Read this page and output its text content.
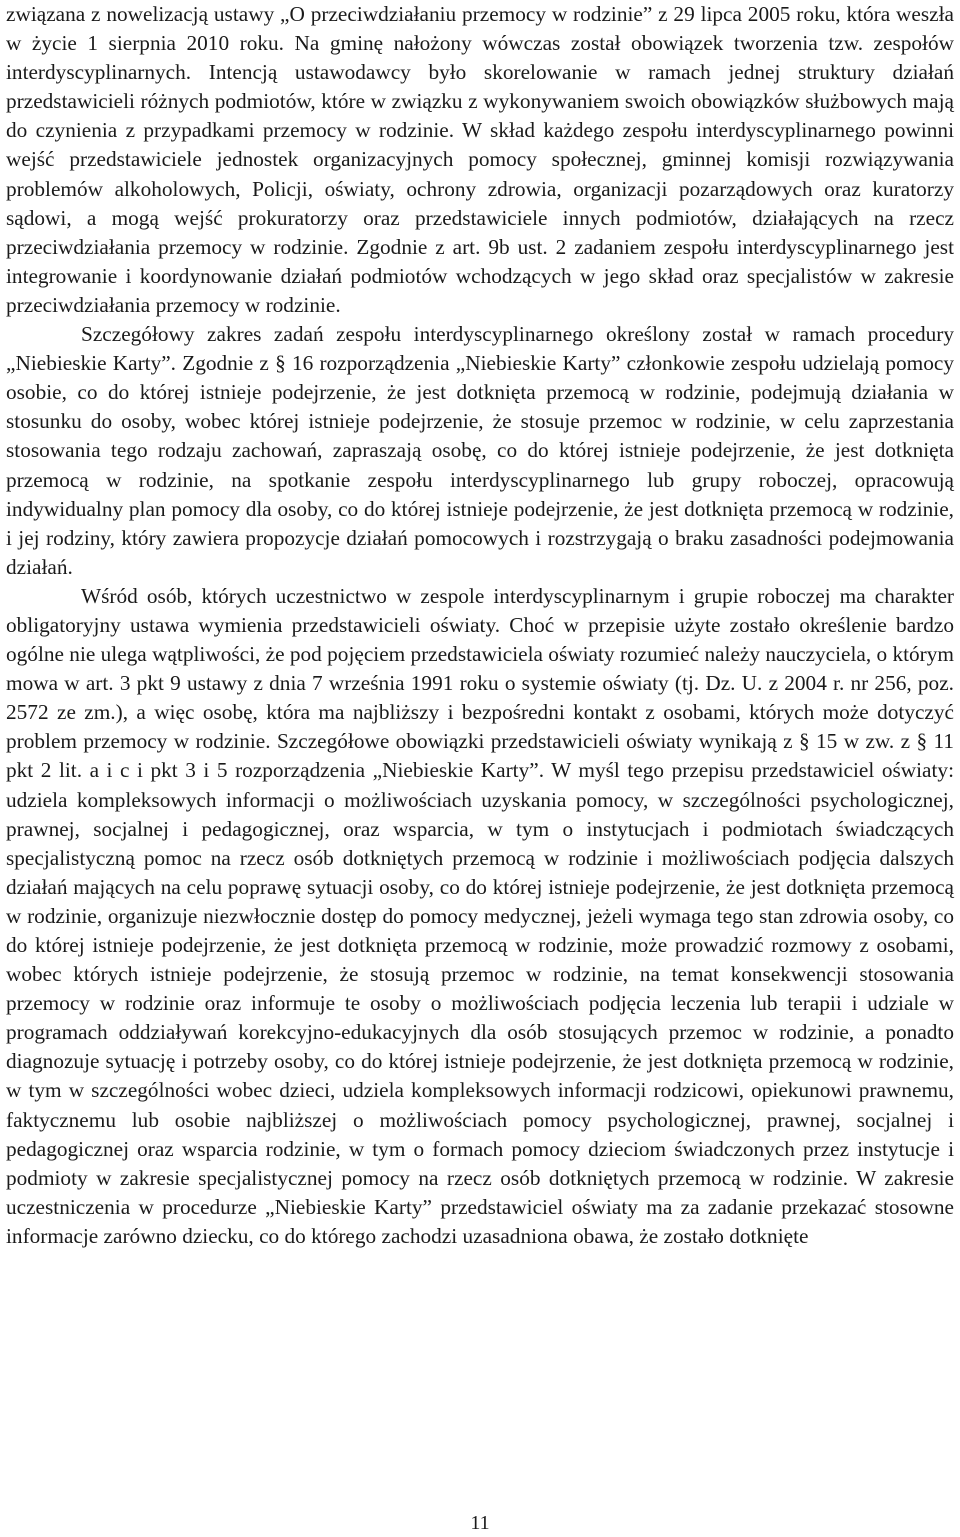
związana z nowelizacją ustawy „O przeciwdziałaniu przemocy w rodzinie” z 29 lipca 2005 roku, która weszła w życie 1 sierpnia 2010 roku. Na gminę nałożony wówczas został obowiązek tworzenia tzw. zespołów interdyscyplinarnych. Intencją ustawodawcy było skorelowanie w ramach jednej struktury działań przedstawicieli różnych podmiotów, które w związku z wykonywaniem swoich obowiązków służbowych mają do czynienia z przypadkami przemocy w rodzinie. W skład każdego zespołu interdyscyplinarnego powinni wejść przedstawiciele jednostek organizacyjnych pomocy społecznej, gminnej komisji rozwiązywania problemów alkoholowych, Policji, oświaty, ochrony zdrowia, organizacji pozarządowych oraz kuratorzy sądowi, a mogą wejść prokuratorzy oraz przedstawiciele innych podmiotów, działających na rzecz przeciwdziałania przemocy w rodzinie. Zgodnie z art. 9b ust. 2 zadaniem zespołu interdyscyplinarnego jest integrowanie i koordynowanie działań podmiotów wchodzących w jego skład oraz specjalistów w zakresie przeciwdziałania przemocy w rodzinie.

Szczegółowy zakres zadań zespołu interdyscyplinarnego określony został w ramach procedury „Niebieskie Karty”. Zgodnie z § 16 rozporządzenia „Niebieskie Karty” członkowie zespołu udzielają pomocy osobie, co do której istnieje podejrzenie, że jest dotknięta przemocą w rodzinie, podejmują działania w stosunku do osoby, wobec której istnieje podejrzenie, że stosuje przemoc w rodzinie, w celu zaprzestania stosowania tego rodzaju zachowań, zapraszają osobę, co do której istnieje podejrzenie, że jest dotknięta przemocą w rodzinie, na spotkanie zespołu interdyscyplinarnego lub grupy roboczej, opracowują indywidualny plan pomocy dla osoby, co do której istnieje podejrzenie, że jest dotknięta przemocą w rodzinie, i jej rodziny, który zawiera propozycje działań pomocowych i rozstrzygają o braku zasadności podejmowania działań.

Wśród osób, których uczestnictwo w zespole interdyscyplinarnym i grupie roboczej ma charakter obligatoryjny ustawa wymienia przedstawicieli oświaty. Choć w przepisie użyte zostało określenie bardzo ogólne nie ulega wątpliwości, że pod pojęciem przedstawiciela oświaty rozumieć należy nauczyciela, o którym mowa w art. 3 pkt 9 ustawy z dnia 7 września 1991 roku o systemie oświaty (tj. Dz. U. z 2004 r. nr 256, poz. 2572 ze zm.), a więc osobę, która ma najbliższy i bezpośredni kontakt z osobami, których może dotyczyć problem przemocy w rodzinie. Szczegółowe obowiązki przedstawicieli oświaty wynikają z § 15 w zw. z § 11 pkt 2 lit. a i c i pkt 3 i 5 rozporządzenia „Niebieskie Karty”. W myśl tego przepisu przedstawiciel oświaty: udziela kompleksowych informacji o możliwościach uzyskania pomocy, w szczególności psychologicznej, prawnej, socjalnej i pedagogicznej, oraz wsparcia, w tym o instytucjach i podmiotach świadczących specjalistyczną pomoc na rzecz osób dotkniętych przemocą w rodzinie i możliwościach podjęcia dalszych działań mających na celu poprawę sytuacji osoby, co do której istnieje podejrzenie, że jest dotknięta przemocą w rodzinie, organizuje niezwłocznie dostęp do pomocy medycznej, jeżeli wymaga tego stan zdrowia osoby, co do której istnieje podejrzenie, że jest dotknięta przemocą w rodzinie, może prowadzić rozmowy z osobami, wobec których istnieje podejrzenie, że stosują przemoc w rodzinie, na temat konsekwencji stosowania przemocy w rodzinie oraz informuje te osoby o możliwościach podjęcia leczenia lub terapii i udziale w programach oddziaływań korekcyjno-edukacyjnych dla osób stosujących przemoc w rodzinie, a ponadto diagnozuje sytuację i potrzeby osoby, co do której istnieje podejrzenie, że jest dotknięta przemocą w rodzinie, w tym w szczególności wobec dzieci, udziela kompleksowych informacji rodzicowi, opiekunowi prawnemu, faktycznemu lub osobie najbliższej o możliwościach pomocy psychologicznej, prawnej, socjalnej i pedagogicznej oraz wsparcia rodzinie, w tym o formach pomocy dzieciom świadczonych przez instytucje i podmioty w zakresie specjalistycznej pomocy na rzecz osób dotkniętych przemocą w rodzinie. W zakresie uczestniczenia w procedurze „Niebieskie Karty” przedstawiciel oświaty ma za zadanie przekazać stosowne informacje zarówno dziecku, co do którego zachodzi uzasadniona obawa, że zostało dotknięte

11
